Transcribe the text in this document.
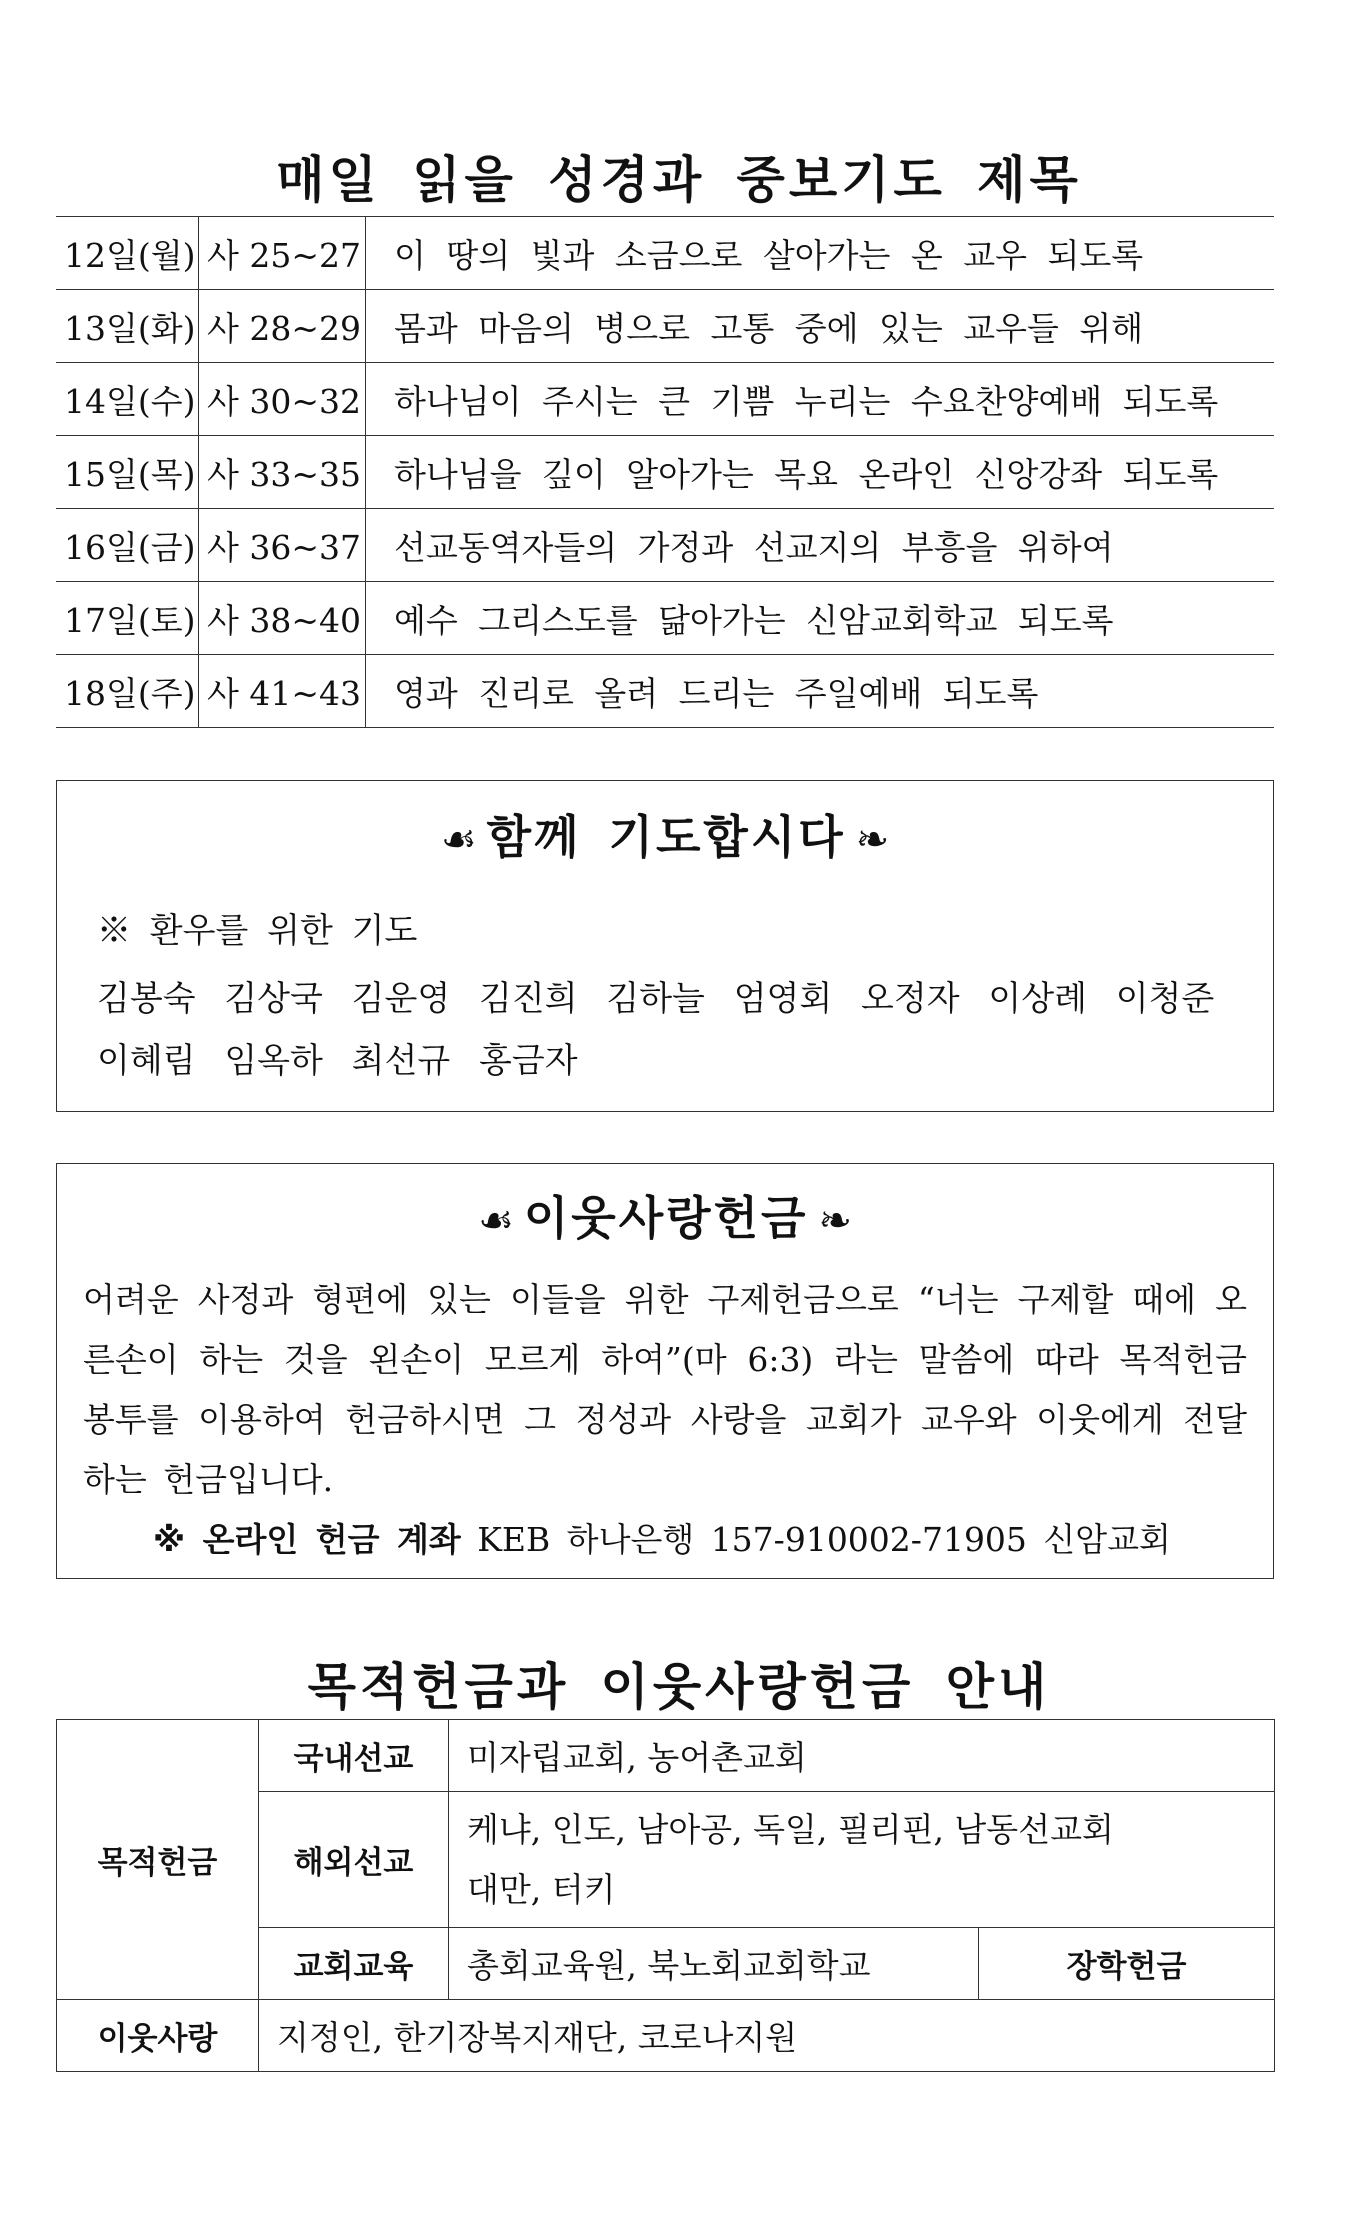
매일 읽을 성경과 중보기도 제목
12일(월)	사 25~27	이 땅의 빛과 소금으로 살아가는 온 교우 되도록
13일(화)	사 28~29	몸과 마음의 병으로 고통 중에 있는 교우들 위해
14일(수)	사 30~32	하나님이 주시는 큰 기쁨 누리는 수요찬양예배 되도록
15일(목)	사 33~35	하나님을 깊이 알아가는 목요 온라인 신앙강좌 되도록
16일(금)	사 36~37	선교동역자들의 가정과 선교지의 부흥을 위하여
17일(토)	사 38~40	예수 그리스도를 닮아가는 신암교회학교 되도록
18일(주)	사 41~43	영과 진리로 올려 드리는 주일예배 되도록
☙ 함께 기도합시다 ❧
※ 환우를 위한 기도
김봉숙 김상국 김운영 김진희 김하늘 엄영회 오정자 이상례 이청준
이혜림 임옥하 최선규 홍금자
☙ 이웃사랑헌금 ❧
어려운 사정과 형편에 있는 이들을 위한 구제헌금으로 “너는 구제할 때에 오른손이 하는 것을 왼손이 모르게 하여”(마 6:3) 라는 말씀에 따라 목적헌금 봉투를 이용하여 헌금하시면 그 정성과 사랑을 교회가 교우와 이웃에게 전달하는 헌금입니다.
※ 온라인 헌금 계좌 KEB 하나은행 157-910002-71905 신암교회
목적헌금과 이웃사랑헌금 안내
목적헌금	국내선교	미자립교회, 농어촌교회	
	해외선교	케냐, 인도, 남아공, 독일, 필리핀, 남동선교회
대만, 터키	

	교회교육	총회교육원, 북노회교회학교	장학헌금
이웃사랑	지정인, 한기장복지재단, 코로나지원		
